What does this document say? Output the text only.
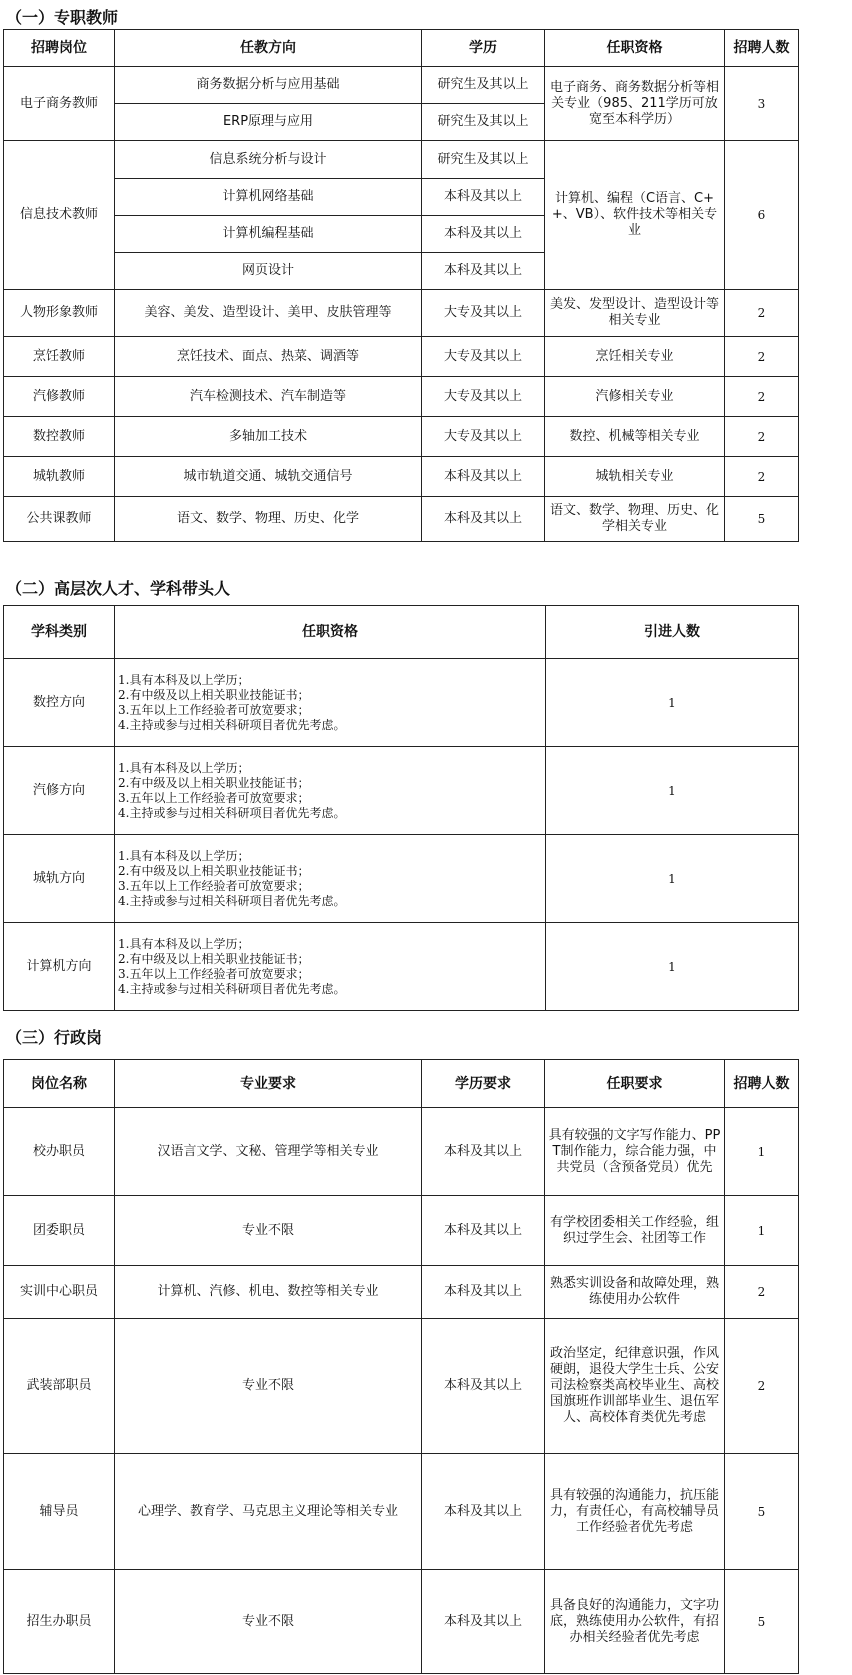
（一）专职教师
招聘岗位	任教方向	学历	任职资格	招聘人数
电子商务教师	商务数据分析与应用基础	研究生及其以上	电子商务、商务数据分析等相关专业（985、211学历可放宽至本科学历）	3
	ERP原理与应用	研究生及其以上		
信息技术教师	信息系统分析与设计	研究生及其以上	计算机、编程（C语言、C++、VB）、软件技术等相关专业	6
	计算机网络基础	本科及其以上		
	计算机编程基础	本科及其以上		
	网页设计	本科及其以上		
人物形象教师	美容、美发、造型设计、美甲、皮肤管理等	大专及其以上	美发、发型设计、造型设计等相关专业	2
烹饪教师	烹饪技术、面点、热菜、调酒等	大专及其以上	烹饪相关专业	2
汽修教师	汽车检测技术、汽车制造等	大专及其以上	汽修相关专业	2
数控教师	多轴加工技术	大专及其以上	数控、机械等相关专业	2
城轨教师	城市轨道交通、城轨交通信号	本科及其以上	城轨相关专业	2
公共课教师	语文、数学、物理、历史、化学	本科及其以上	语文、数学、物理、历史、化学相关专业	5
（二）高层次人才、学科带头人
学科类别	任职资格	引进人数
数控方向	1.具有本科及以上学历；
2.有中级及以上相关职业技能证书；
3.五年以上工作经验者可放宽要求；
4.主持或参与过相关科研项目者优先考虑。	1
汽修方向	1.具有本科及以上学历；
2.有中级及以上相关职业技能证书；
3.五年以上工作经验者可放宽要求；
4.主持或参与过相关科研项目者优先考虑。	1
城轨方向	1.具有本科及以上学历；
2.有中级及以上相关职业技能证书；
3.五年以上工作经验者可放宽要求；
4.主持或参与过相关科研项目者优先考虑。	1
计算机方向	1.具有本科及以上学历；
2.有中级及以上相关职业技能证书；
3.五年以上工作经验者可放宽要求；
4.主持或参与过相关科研项目者优先考虑。	1
（三）行政岗
岗位名称	专业要求	学历要求	任职要求	招聘人数
校办职员	汉语言文学、文秘、管理学等相关专业	本科及其以上	具有较强的文字写作能力、PPT制作能力，综合能力强，中共党员（含预备党员）优先	1
团委职员	专业不限	本科及其以上	有学校团委相关工作经验，组织过学生会、社团等工作	1
实训中心职员	计算机、汽修、机电、数控等相关专业	本科及其以上	熟悉实训设备和故障处理，熟练使用办公软件	2
武装部职员	专业不限	本科及其以上	政治坚定，纪律意识强，作风硬朗，退役大学生士兵、公安司法检察类高校毕业生、高校国旗班作训部毕业生、退伍军人、高校体育类优先考虑	2
辅导员	心理学、教育学、马克思主义理论等相关专业	本科及其以上	具有较强的沟通能力，抗压能力，有责任心，有高校辅导员工作经验者优先考虑	5
招生办职员	专业不限	本科及其以上	具备良好的沟通能力，文字功底，熟练使用办公软件，有招办相关经验者优先考虑	5
